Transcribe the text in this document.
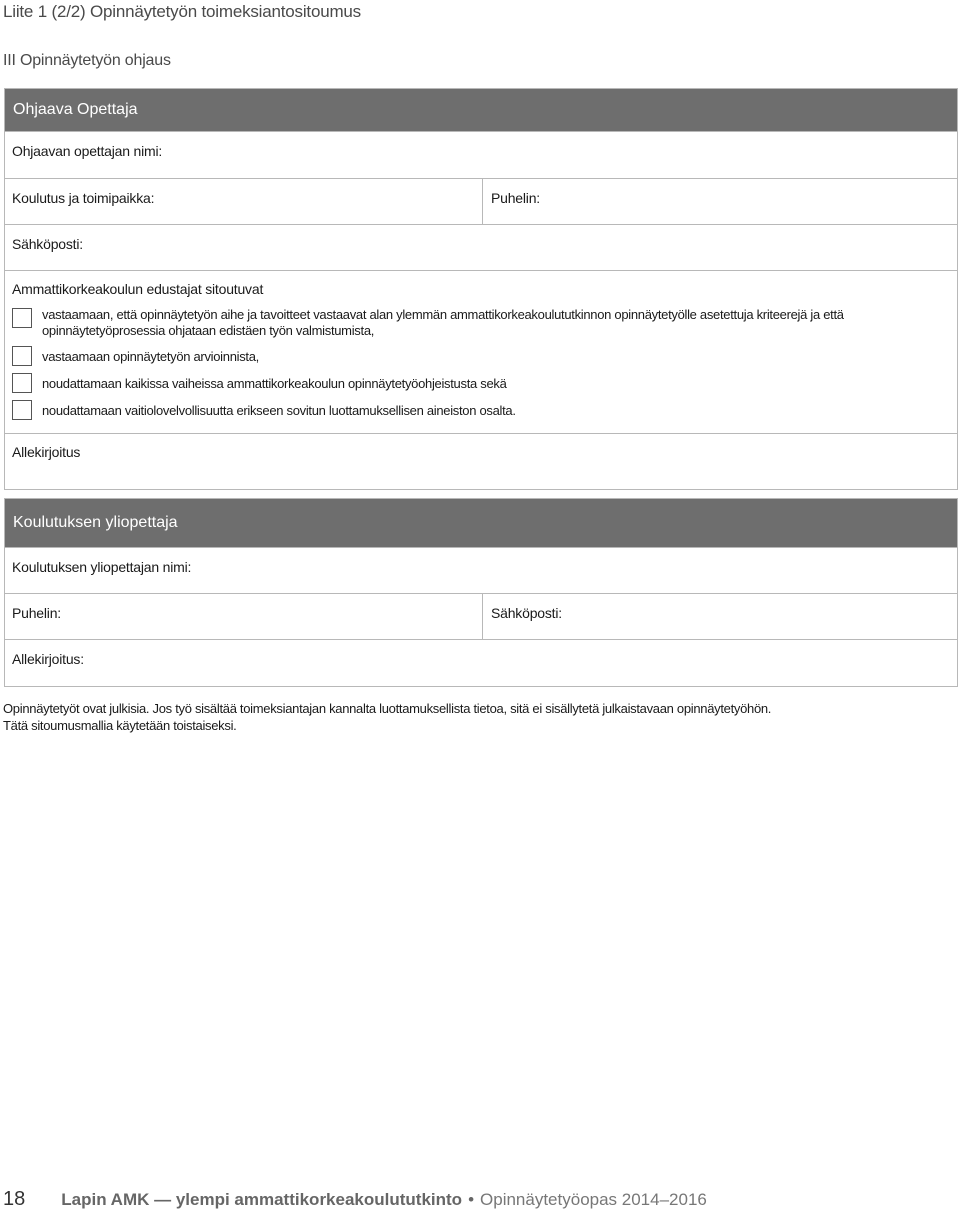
Liite 1 (2/2) Opinnäytetyön toimeksiantositoumus
III Opinnäytetyön ohjaus
Ohjaava Opettaja
Ohjaavan opettajan nimi:
Koulutus ja toimipaikka:	Puhelin:
Sähköposti:
Ammattikorkeakoulun edustajat sitoutuvat
vastaamaan, että opinnäytetyön aihe ja tavoitteet vastaavat alan ylemmän ammattikorkeakoulututkinnon opinnäytetyölle asetettuja kriteerejä ja että opinnäytetyöprosessia ohjataan edistäen työn valmistumista,
vastaamaan opinnäytetyön arvioinnista,
noudattamaan kaikissa vaiheissa ammattikorkeakoulun opinnäytetyöohjeistusta sekä
noudattamaan vaitiolovelvollisuutta erikseen sovitun luottamuksellisen aineiston osalta.
Allekirjoitus
Koulutuksen yliopettaja
Koulutuksen yliopettajan nimi:
Puhelin:	Sähköposti:
Allekirjoitus:
Opinnäytetyöt ovat julkisia. Jos työ sisältää toimeksiantajan kannalta luottamuksellista tietoa, sitä ei sisällytetä julkaistavaan opinnäytetyöhön.
Tätä sitoumusmallia käytetään toistaiseksi.
18 Lapin AMK — ylempi ammattikorkeakoulututkinto • Opinnäytetyöopas 2014–2016
